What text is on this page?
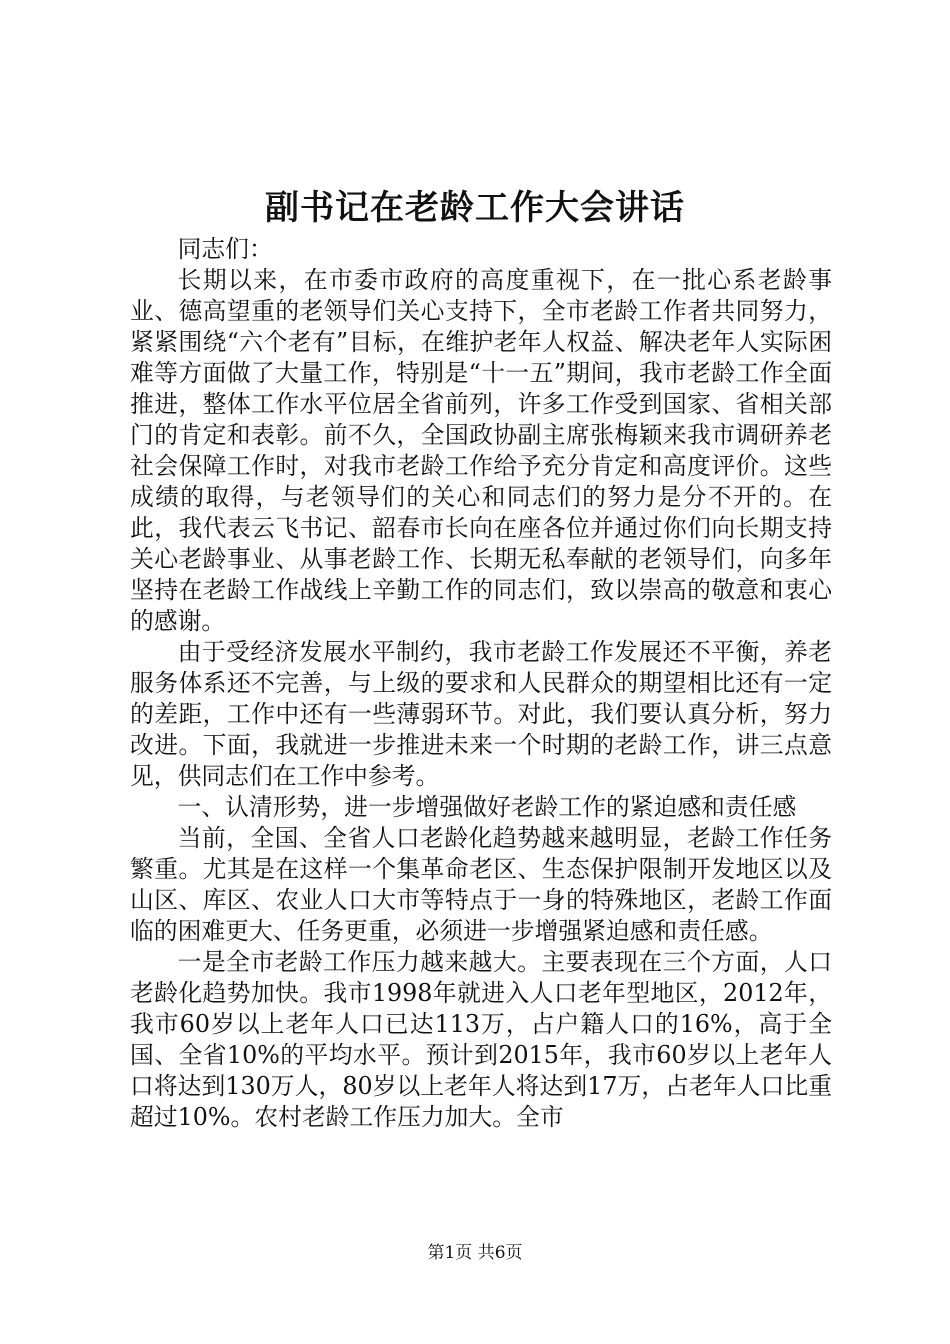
副书记在老龄工作大会讲话

同志们：

长期以来，在市委市政府的高度重视下，在一批心系老龄事业、德高望重的老领导们关心支持下，全市老龄工作者共同努力，紧紧围绕“六个老有”目标，在维护老年人权益、解决老年人实际困难等方面做了大量工作，特别是“十一五”期间，我市老龄工作全面推进，整体工作水平位居全省前列，许多工作受到国家、省相关部门的肯定和表彰。前不久，全国政协副主席张梅颖来我市调研养老社会保障工作时，对我市老龄工作给予充分肯定和高度评价。这些成绩的取得，与老领导们的关心和同志们的努力是分不开的。在此，我代表云飞书记、韶春市长向在座各位并通过你们向长期支持关心老龄事业、从事老龄工作、长期无私奉献的老领导们，向多年坚持在老龄工作战线上辛勤工作的同志们，致以崇高的敬意和衷心的感谢。

由于受经济发展水平制约，我市老龄工作发展还不平衡，养老服务体系还不完善，与上级的要求和人民群众的期望相比还有一定的差距，工作中还有一些薄弱环节。对此，我们要认真分析，努力改进。下面，我就进一步推进未来一个时期的老龄工作，讲三点意见，供同志们在工作中参考。

一、认清形势，进一步增强做好老龄工作的紧迫感和责任感

当前，全国、全省人口老龄化趋势越来越明显，老龄工作任务繁重。尤其是在这样一个集革命老区、生态保护限制开发地区以及山区、库区、农业人口大市等特点于一身的特殊地区，老龄工作面临的困难更大、任务更重，必须进一步增强紧迫感和责任感。

一是全市老龄工作压力越来越大。主要表现在三个方面，人口老龄化趋势加快。我市1998年就进入人口老年型地区，2012年，我市60岁以上老年人口已达113万，占户籍人口的16%，高于全国、全省10%的平均水平。预计到2015年，我市60岁以上老年人口将达到130万人，80岁以上老年人将达到17万，占老年人口比重超过10%。农村老龄工作压力加大。全市

第1页 共6页
